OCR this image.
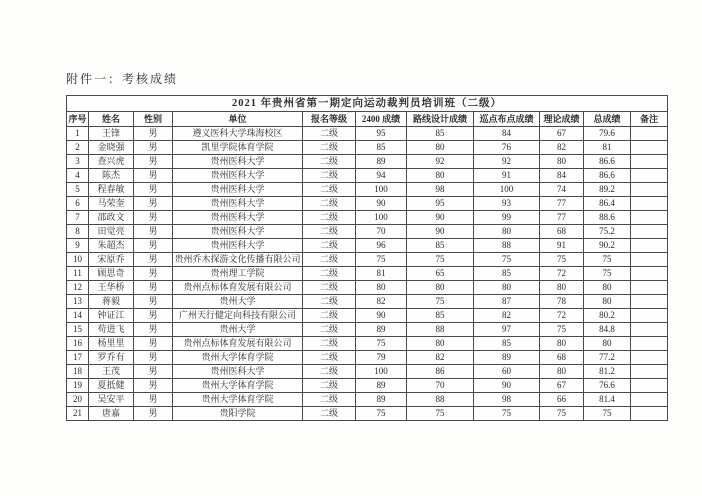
附件一：考核成绩
2021 年贵州省第一期定向运动裁判员培训班（二级）										
序号	姓名	性别	单位	报名等级	2400 成绩	路线设计成绩	巡点布点成绩	理论成绩	总成绩	备注
1	王锋	男	遵义医科大学珠海校区	二级	95	85	84	67	79.6	
2	金晓强	男	凯里学院体育学院	二级	85	80	76	82	81	
3	查兴虎	男	贵州医科大学	二级	89	92	92	80	86.6	
4	陈杰	男	贵州医科大学	二级	94	80	91	84	86.6	
5	程春敏	男	贵州医科大学	二级	100	98	100	74	89.2	
6	马荣奎	男	贵州医科大学	二级	90	95	93	77	86.4	
7	邵政文	男	贵州医科大学	二级	100	90	99	77	88.6	
8	田觉亮	男	贵州医科大学	二级	70	90	80	68	75.2	
9	朱超杰	男	贵州医科大学	二级	96	85	88	91	90.2	
10	宋原乔	男	贵州乔木探游文化传播有限公司	二级	75	75	75	75	75	
11	顾思奇	男	贵州理工学院	二级	81	65	85	72	75	
12	王华桥	男	贵州点标体育发展有限公司	二级	80	80	80	80	80	
13	蒋毅	男	贵州大学	二级	82	75	87	78	80	
14	钟证江	男	广州天行健定向科技有限公司	二级	90	85	82	72	80.2	
15	苟进飞	男	贵州大学	二级	89	88	97	75	84.8	
16	杨里里	男	贵州点标体育发展有限公司	二级	75	80	85	80	80	
17	罗乔有	男	贵州大学体育学院	二级	79	82	89	68	77.2	
18	王茂	男	贵州医科大学	二级	100	86	60	80	81.2	
19	夏抵健	男	贵州大学体育学院	二级	89	70	90	67	76.6	
20	吴安平	男	贵州大学体育学院	二级	89	88	98	66	81.4	
21	唐嘉	男	贵阳学院	二级	75	75	75	75	75	
